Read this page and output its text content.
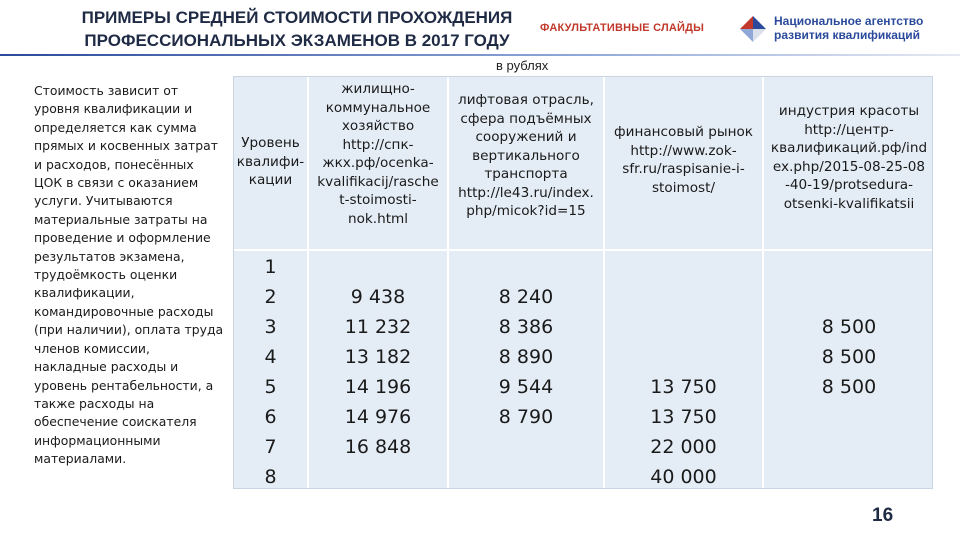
ПРИМЕРЫ СРЕДНЕЙ СТОИМОСТИ ПРОХОЖДЕНИЯ
ПРОФЕССИОНАЛЬНЫХ ЭКЗАМЕНОВ В 2017 ГОДУ
ФАКУЛЬТАТИВНЫЕ СЛАЙДЫ	Национальное агентство
развития квалификаций
в рублях
Стоимость зависит от уровня квалификации и определяется как сумма прямых и косвенных затрат и расходов, понесённых ЦОК в связи с оказанием услуги. Учитываются материальные затраты на проведение и оформление результатов экзамена, трудоёмкость оценки квалификации, командировочные расходы (при наличии), оплата труда членов комиссии, накладные расходы и уровень рентабельности, а также расходы на обеспечение соискателя информационными материалами.
Уровень
квалифи-
кации
жилищно-
коммунальное
хозяйство
http://спк-
жкх.рф/ocenka-
kvalifikacij/rasche
t-stoimosti-
nok.html
лифтовая отрасль,
сфера подъёмных
сооружений и
вертикального
транспорта
http://le43.ru/index.
php/micok?id=15
финансовый рынок
http://www.zok-
sfr.ru/raspisanie-i-
stoimost/
индустрия красоты
http://центр-
квалификаций.рф/ind
ex.php/2015-08-25-08
-40-19/protsedura-
otsenki-kvalifikatsii
1
2
3
4
5
6
7
8
9 438
11 232
13 182
14 196
14 976
16 848
8 240
8 386
8 890
9 544
8 790
13 750
13 750
22 000
40 000
8 500
8 500
8 500
16
